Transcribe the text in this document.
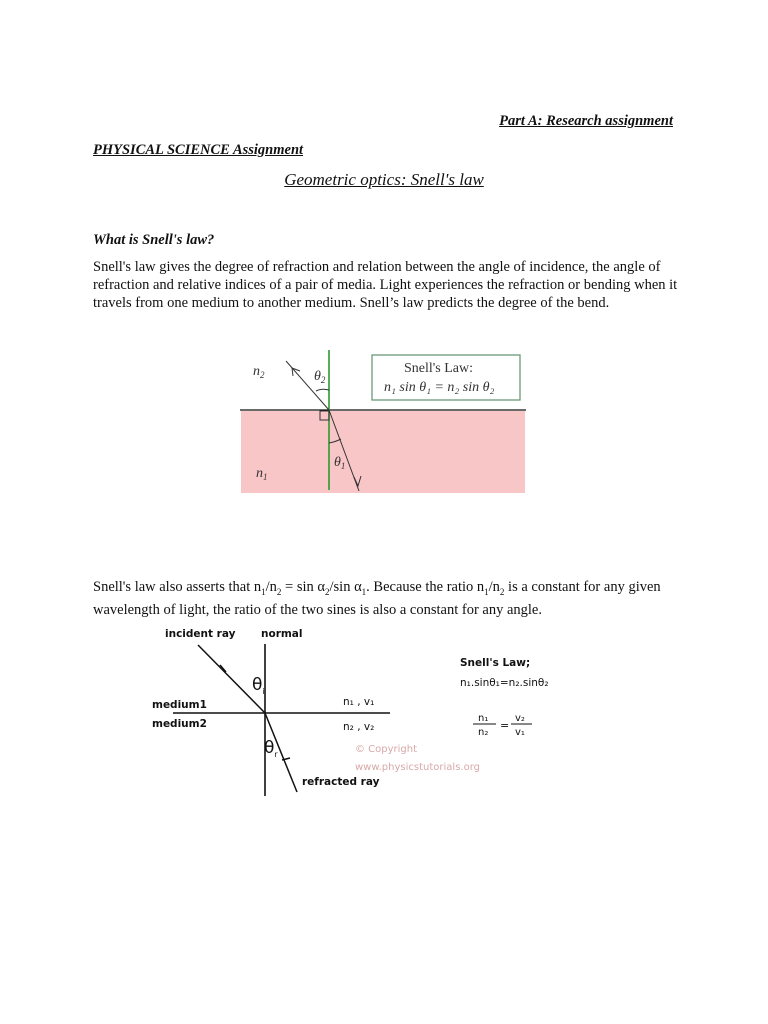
Part A: Research assignment
PHYSICAL SCIENCE Assignment
Geometric optics: Snell's law
What is Snell's law?
Snell's law gives the degree of refraction and relation between the angle of incidence, the angle of refraction and relative indices of a pair of media. Light experiences the refraction or bending when it travels from one medium to another medium. Snell’s law predicts the degree of the bend.
$n_2$
$n_1$
$\theta_2$
$\theta_1$
Snell's Law:
n₁ sin θ₁ = n₂ sin θ₂
Snell's law also asserts that $n_1/n_2 = \sin \alpha_2/\sin$ $\alpha_1$. Because the ratio $n_1/n_2$ is a constant for any given wavelength of light, the ratio of the two sines is also a constant for any angle.
incident ray normal
medium1
medium2
$\theta_i$
$\theta_r$
n₁ , v₁
n₂ , v₂
© Copyright
www.physicstutorials.org
refracted ray
Snell's Law;
n₁.sinθ₁=n₂.sinθ₂
n₁
n₂
=
v₂
v₁
